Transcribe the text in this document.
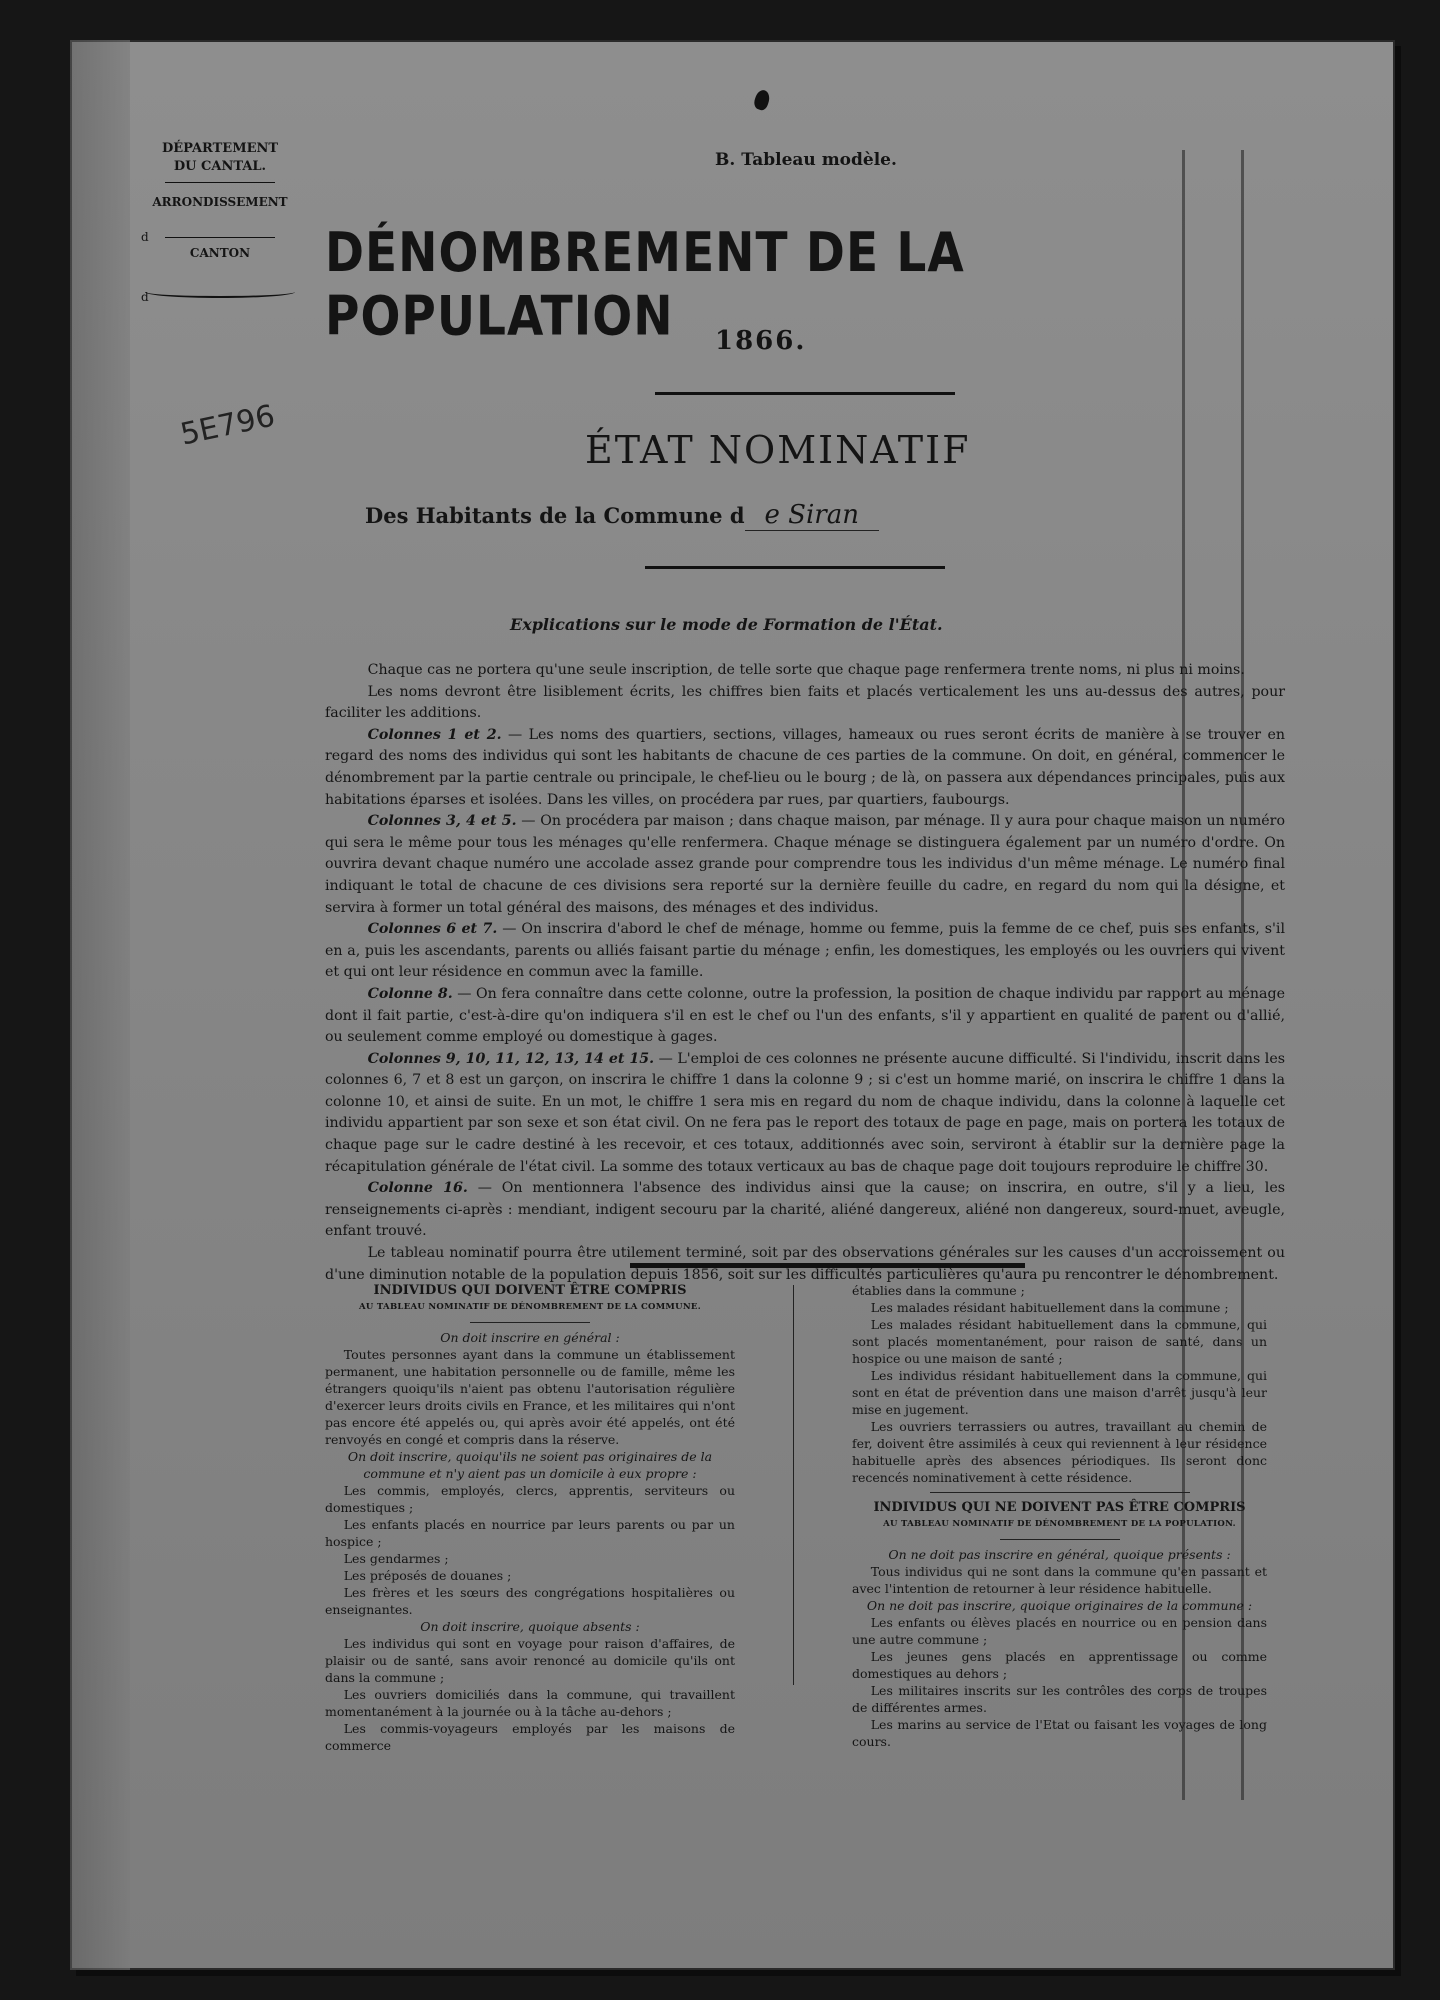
DÉPARTEMENT
DU CANTAL.
ARRONDISSEMENT
d
CANTON
d
B. Tableau modèle.
DÉNOMBREMENT DE LA POPULATION	1866.
5E796	ÉTAT NOMINATIF
Des Habitants de la Commune d e Siran
Explications sur le mode de Formation de l'État.

Chaque cas ne portera qu'une seule inscription, de telle sorte que chaque page renfermera trente noms, ni plus ni moins.

Les noms devront être lisiblement écrits, les chiffres bien faits et placés verticalement les uns au-dessus des autres, pour faciliter les additions.

Colonnes 1 et 2. — Les noms des quartiers, sections, villages, hameaux ou rues seront écrits de manière à se trouver en regard des noms des individus qui sont les habitants de chacune de ces parties de la commune. On doit, en général, commencer le dénombrement par la partie centrale ou principale, le chef-lieu ou le bourg ; de là, on passera aux dépendances principales, puis aux habitations éparses et isolées. Dans les villes, on procédera par rues, par quartiers, faubourgs.

Colonnes 3, 4 et 5. — On procédera par maison ; dans chaque maison, par ménage. Il y aura pour chaque maison un numéro qui sera le même pour tous les ménages qu'elle renfermera. Chaque ménage se distinguera également par un numéro d'ordre. On ouvrira devant chaque numéro une accolade assez grande pour comprendre tous les individus d'un même ménage. Le numéro final indiquant le total de chacune de ces divisions sera reporté sur la dernière feuille du cadre, en regard du nom qui la désigne, et servira à former un total général des maisons, des ménages et des individus.

Colonnes 6 et 7. — On inscrira d'abord le chef de ménage, homme ou femme, puis la femme de ce chef, puis ses enfants, s'il en a, puis les ascendants, parents ou alliés faisant partie du ménage ; enfin, les domestiques, les employés ou les ouvriers qui vivent et qui ont leur résidence en commun avec la famille.

Colonne 8. — On fera connaître dans cette colonne, outre la profession, la position de chaque individu par rapport au ménage dont il fait partie, c'est-à-dire qu'on indiquera s'il en est le chef ou l'un des enfants, s'il y appartient en qualité de parent ou d'allié, ou seulement comme employé ou domestique à gages.

Colonnes 9, 10, 11, 12, 13, 14 et 15. — L'emploi de ces colonnes ne présente aucune difficulté. Si l'individu, inscrit dans les colonnes 6, 7 et 8 est un garçon, on inscrira le chiffre 1 dans la colonne 9 ; si c'est un homme marié, on inscrira le chiffre 1 dans la colonne 10, et ainsi de suite. En un mot, le chiffre 1 sera mis en regard du nom de chaque individu, dans la colonne à laquelle cet individu appartient par son sexe et son état civil. On ne fera pas le report des totaux de page en page, mais on portera les totaux de chaque page sur le cadre destiné à les recevoir, et ces totaux, additionnés avec soin, serviront à établir sur la dernière page la récapitulation générale de l'état civil. La somme des totaux verticaux au bas de chaque page doit toujours reproduire le chiffre 30.

Colonne 16. — On mentionnera l'absence des individus ainsi que la cause; on inscrira, en outre, s'il y a lieu, les renseignements ci-après : mendiant, indigent secouru par la charité, aliéné dangereux, aliéné non dangereux, sourd-muet, aveugle, enfant trouvé.

Le tableau nominatif pourra être utilement terminé, soit par des observations générales sur les causes d'un accroissement ou d'une diminution notable de la population depuis 1856, soit sur les difficultés particulières qu'aura pu rencontrer le dénombrement.

INDIVIDUS QUI DOIVENT ÊTRE COMPRIS

AU TABLEAU NOMINATIF DE DÉNOMBREMENT DE LA COMMUNE.

On doit inscrire en général :

Toutes personnes ayant dans la commune un établissement permanent, une habitation personnelle ou de famille, même les étrangers quoiqu'ils n'aient pas obtenu l'autorisation régulière d'exercer leurs droits civils en France, et les militaires qui n'ont pas encore été appelés ou, qui après avoir été appelés, ont été renvoyés en congé et compris dans la réserve.

On doit inscrire, quoiqu'ils ne soient pas originaires de la commune et n'y aient pas un domicile à eux propre :

Les commis, employés, clercs, apprentis, serviteurs ou domestiques ;

Les enfants placés en nourrice par leurs parents ou par un hospice ;

Les gendarmes ;

Les préposés de douanes ;

Les frères et les sœurs des congrégations hospitalières ou enseignantes.

On doit inscrire, quoique absents :

Les individus qui sont en voyage pour raison d'affaires, de plaisir ou de santé, sans avoir renoncé au domicile qu'ils ont dans la commune ;

Les ouvriers domiciliés dans la commune, qui travaillent momentanément à la journée ou à la tâche au-dehors ;

Les commis-voyageurs employés par les maisons de commerce

établies dans la commune ;

Les malades résidant habituellement dans la commune ;

Les malades résidant habituellement dans la commune, qui sont placés momentanément, pour raison de santé, dans un hospice ou une maison de santé ;

Les individus résidant habituellement dans la commune, qui sont en état de prévention dans une maison d'arrêt jusqu'à leur mise en jugement.

Les ouvriers terrassiers ou autres, travaillant au chemin de fer, doivent être assimilés à ceux qui reviennent à leur résidence habituelle après des absences périodiques. Ils seront donc recencés nominativement à cette résidence.

INDIVIDUS QUI NE DOIVENT PAS ÊTRE COMPRIS

AU TABLEAU NOMINATIF DE DÉNOMBREMENT DE LA POPULATION.

On ne doit pas inscrire en général, quoique présents :

Tous individus qui ne sont dans la commune qu'en passant et avec l'intention de retourner à leur résidence habituelle.

On ne doit pas inscrire, quoique originaires de la commune :

Les enfants ou élèves placés en nourrice ou en pension dans une autre commune ;

Les jeunes gens placés en apprentissage ou comme domestiques au dehors ;

Les militaires inscrits sur les contrôles des corps de troupes de différentes armes.

Les marins au service de l'Etat ou faisant les voyages de long cours.
